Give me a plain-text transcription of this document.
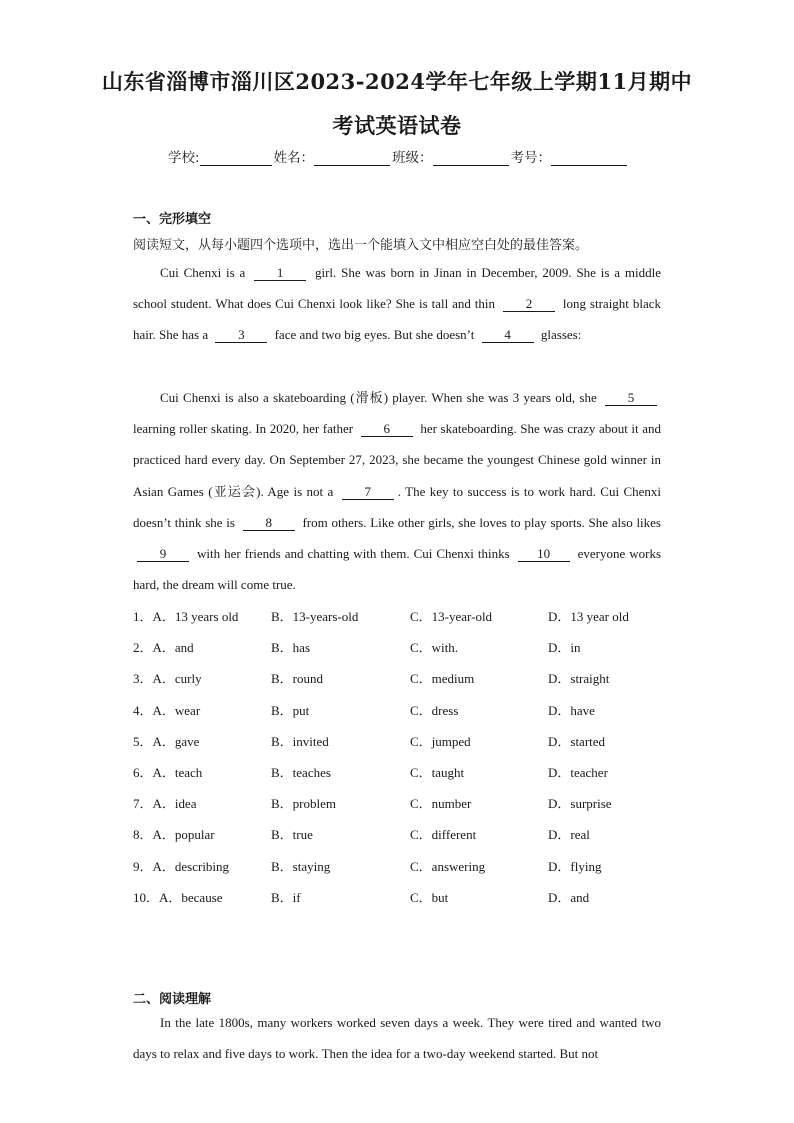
山东省淄博市淄川区2023-2024学年七年级上学期11月期中
考试英语试卷
学校:	姓名：	班级：	考号：
一、完形填空
阅读短文，从每小题四个选项中，选出一个能填入文中相应空白处的最佳答案。
Cui Chenxi is a 1 girl. She was born in Jinan in December, 2009. She is a middle school student. What does Cui Chenxi look like? She is tall and thin 2 long straight black hair. She has a 3 face and two big eyes. But she doesn’t 4 glasses:
Cui Chenxi is also a skateboarding (滑板) player. When she was 3 years old, she 5 learning roller skating. In 2020, her father 6 her skateboarding. She was crazy about it and practiced hard every day. On September 27, 2023, she became the youngest Chinese gold winner in Asian Games (亚运会). Age is not a 7 . The key to success is to work hard. Cui Chenxi doesn’t think she is 8 from others. Like other girls, she loves to play sports. She also likes 9 with her friends and chatting with them. Cui Chenxi thinks 10 everyone works hard, the dream will come true.
1．A．13 years old	B．13-years-old	C．13-year-old	D．13 year old
2．A．and	B．has	C．with.	D．in
3．A．curly	B．round	C．medium	D．straight
4．A．wear	B．put	C．dress	D．have
5．A．gave	B．invited	C．jumped	D．started
6．A．teach	B．teaches	C．taught	D．teacher
7．A．idea	B．problem	C．number	D．surprise
8．A．popular	B．true	C．different	D．real
9．A．describing	B．staying	C．answering	D．flying
10．A．because	B．if	C．but	D．and
二、阅读理解
In the late 1800s, many workers worked seven days a week. They were tired and wanted two days to relax and five days to work. Then the idea for a two-day weekend started. But not
